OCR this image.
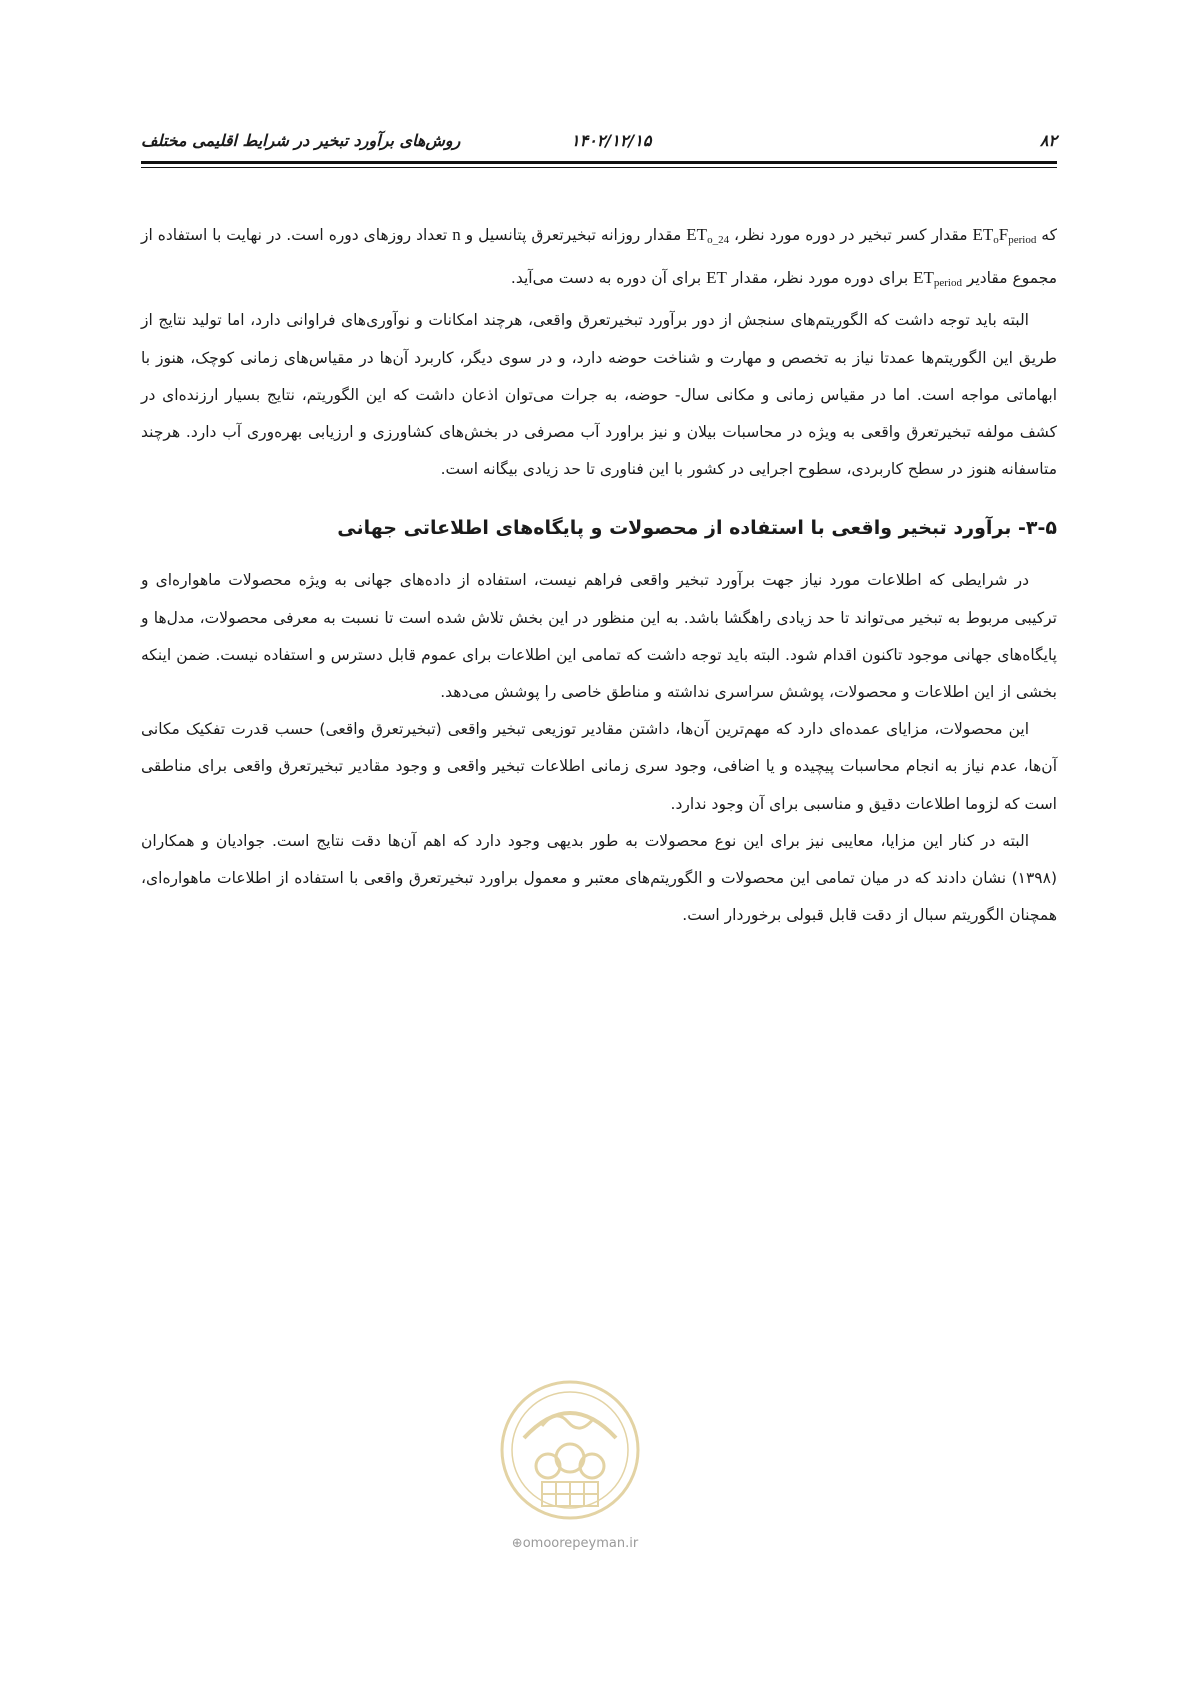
۸۲
۱۴۰۲/۱۲/۱۵
روش‌های برآورد تبخیر در شرایط اقلیمی مختلف

که $ET_oF_{period}$ مقدار کسر تبخیر در دوره مورد نظر، $ET_{o\_24}$ مقدار روزانه تبخیرتعرق پتانسیل و n تعداد روزهای دوره است. در نهایت با استفاده از مجموع مقادیر $ET_{period}$ برای دوره مورد نظر، مقدار ET برای آن دوره به دست می‌آید.

البته باید توجه داشت که الگوریتم‌های سنجش از دور برآورد تبخیرتعرق واقعی، هرچند امکانات و نوآوری‌های فراوانی دارد، اما تولید نتایج از طریق این الگوریتم‌ها عمدتا نیاز به تخصص و مهارت و شناخت حوضه دارد، و در سوی دیگر، کاربرد آن‌ها در مقیاس‌های زمانی کوچک، هنوز با ابهاماتی مواجه است. اما در مقیاس زمانی و مکانی سال- حوضه، به جرات می‌توان اذعان داشت که این الگوریتم، نتایج بسیار ارزنده‌ای در کشف مولفه تبخیرتعرق واقعی به ویژه در محاسبات بیلان و نیز براورد آب مصرفی در بخش‌های کشاورزی و ارزیابی بهره‌وری آب دارد. هرچند متاسفانه هنوز در سطح کاربردی، سطوح اجرایی در کشور با این فناوری تا حد زیادی بیگانه است.

۳-۵- برآورد تبخیر واقعی با استفاده از محصولات و پایگاه‌های اطلاعاتی جهانی

در شرایطی که اطلاعات مورد نیاز جهت برآورد تبخیر واقعی فراهم نیست، استفاده از داده‌های جهانی به ویژه محصولات ماهواره‌ای و ترکیبی مربوط به تبخیر می‌تواند تا حد زیادی راهگشا باشد. به این منظور در این بخش تلاش شده است تا نسبت به معرفی محصولات، مدل‌ها و پایگاه‌های جهانی موجود تاکنون اقدام شود. البته باید توجه داشت که تمامی این اطلاعات برای عموم قابل دسترس و استفاده نیست. ضمن اینکه بخشی از این اطلاعات و محصولات، پوشش سراسری نداشته و مناطق خاصی را پوشش می‌دهد.

این محصولات، مزایای عمده‌ای دارد که مهم‌ترین آن‌ها، داشتن مقادیر توزیعی تبخیر واقعی (تبخیرتعرق واقعی) حسب قدرت تفکیک مکانی آن‌ها، عدم نیاز به انجام محاسبات پیچیده و یا اضافی، وجود سری زمانی اطلاعات تبخیر واقعی و وجود مقادیر تبخیرتعرق واقعی برای مناطقی است که لزوما اطلاعات دقیق و مناسبی برای آن وجود ندارد.

البته در کنار این مزایا، معایبی نیز برای این نوع محصولات به طور بدیهی وجود دارد که اهم آن‌ها دقت نتایج است. جوادیان و همکاران (۱۳۹۸) نشان دادند که در میان تمامی این محصولات و الگوریتم‌های معتبر و معمول براورد تبخیرتعرق واقعی با استفاده از اطلاعات ماهواره‌ای، همچنان الگوریتم سبال از دقت قابل قبولی برخوردار است.

⊕omoorepeyman.ir
